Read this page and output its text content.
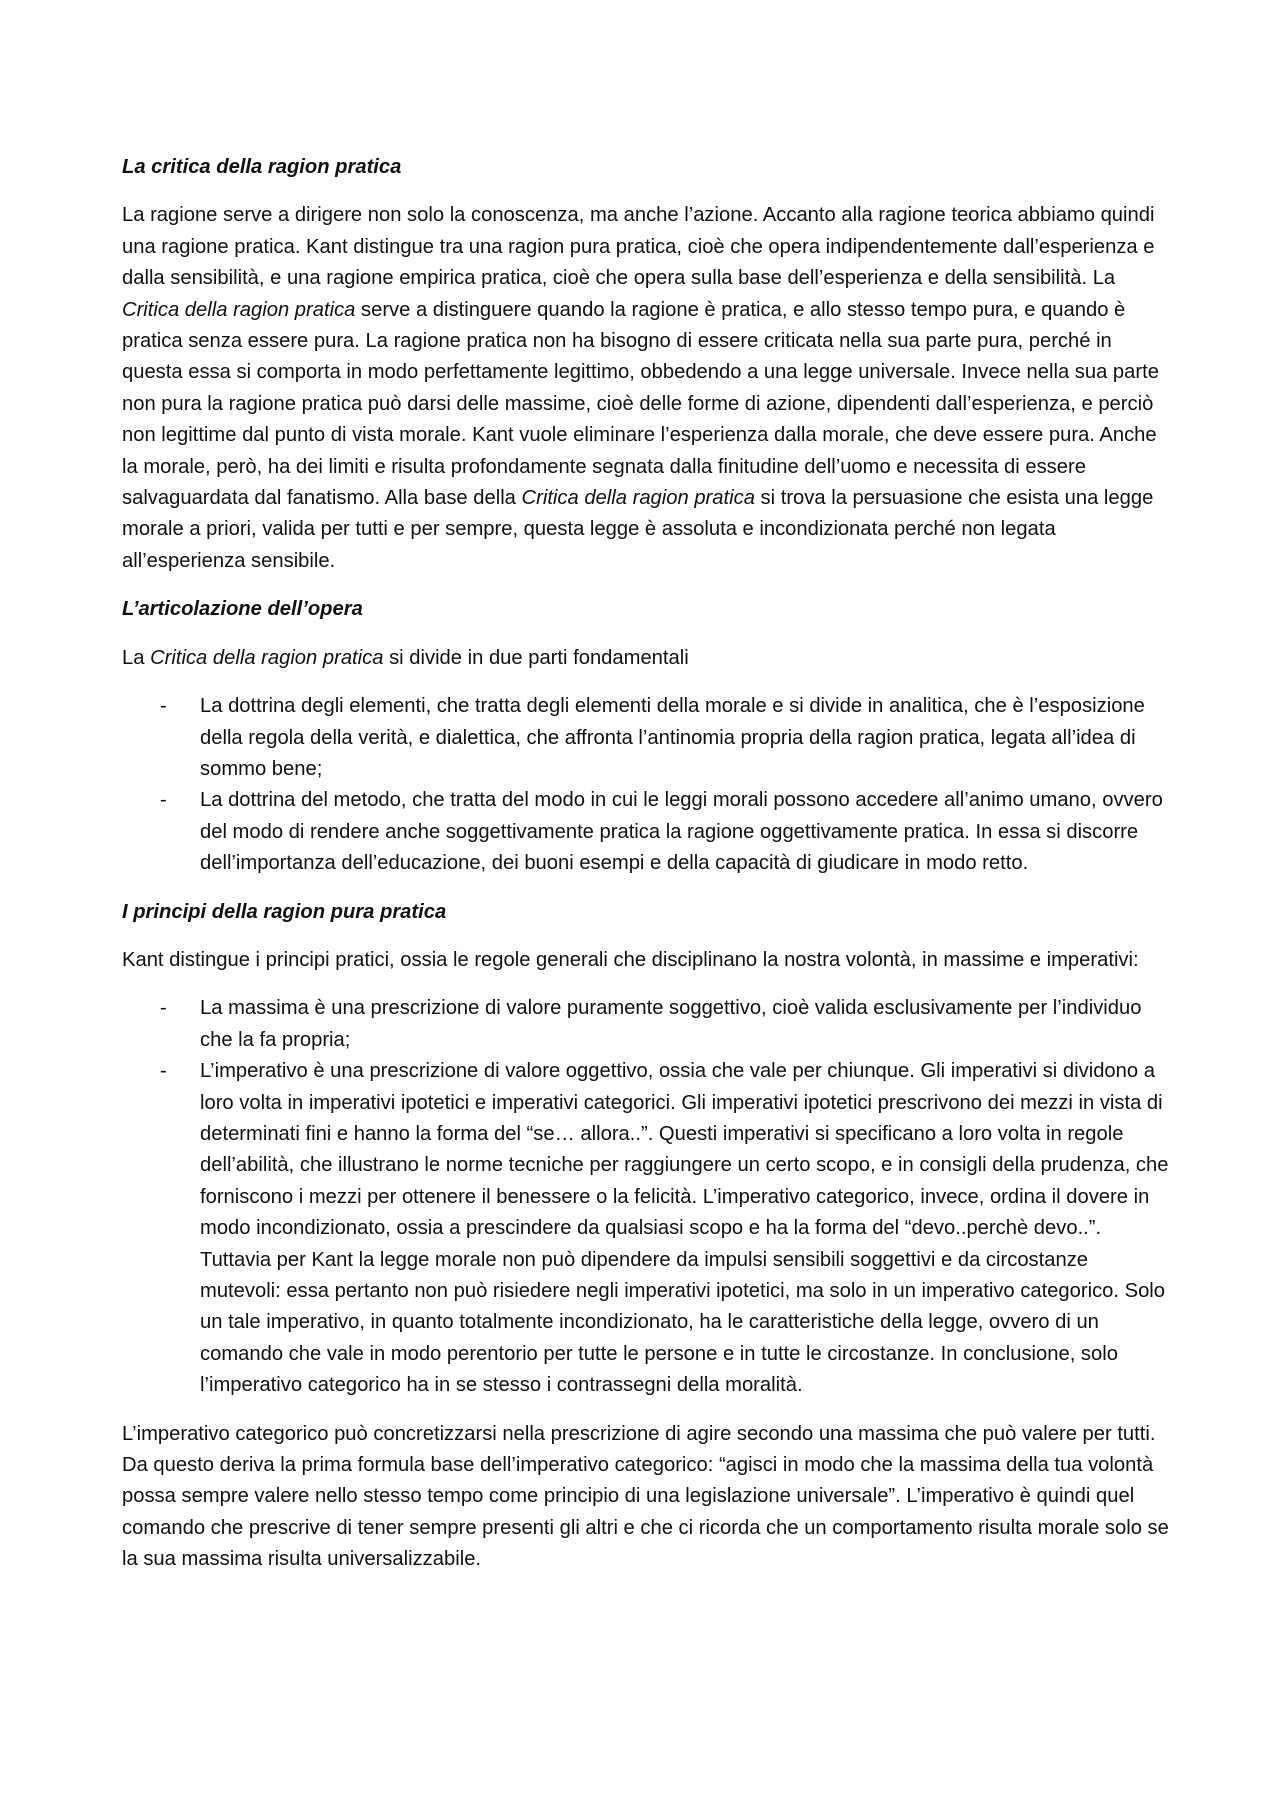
La critica della ragion pratica

La ragione serve a dirigere non solo la conoscenza, ma anche l’azione. Accanto alla ragione teorica abbiamo quindi una ragione pratica. Kant distingue tra una ragion pura pratica, cioè che opera indipendentemente dall’esperienza e dalla sensibilità, e una ragione empirica pratica, cioè che opera sulla base dell’esperienza e della sensibilità. La Critica della ragion pratica serve a distinguere quando la ragione è pratica, e allo stesso tempo pura, e quando è pratica senza essere pura. La ragione pratica non ha bisogno di essere criticata nella sua parte pura, perché in questa essa si comporta in modo perfettamente legittimo, obbedendo a una legge universale. Invece nella sua parte non pura la ragione pratica può darsi delle massime, cioè delle forme di azione, dipendenti dall’esperienza, e perciò non legittime dal punto di vista morale. Kant vuole eliminare l’esperienza dalla morale, che deve essere pura. Anche la morale, però, ha dei limiti e risulta profondamente segnata dalla finitudine dell’uomo e necessita di essere salvaguardata dal fanatismo. Alla base della Critica della ragion pratica si trova la persuasione che esista una legge morale a priori, valida per tutti e per sempre, questa legge è assoluta e incondizionata perché non legata all’esperienza sensibile.

L’articolazione dell’opera

La Critica della ragion pratica si divide in due parti fondamentali

- La dottrina degli elementi, che tratta degli elementi della morale e si divide in analitica, che è l’esposizione della regola della verità, e dialettica, che affronta l’antinomia propria della ragion pratica, legata all’idea di sommo bene;
- La dottrina del metodo, che tratta del modo in cui le leggi morali possono accedere all’animo umano, ovvero del modo di rendere anche soggettivamente pratica la ragione oggettivamente pratica. In essa si discorre dell’importanza dell’educazione, dei buoni esempi e della capacità di giudicare in modo retto.
I principi della ragion pura pratica

Kant distingue i principi pratici, ossia le regole generali che disciplinano la nostra volontà, in massime e imperativi:

- La massima è una prescrizione di valore puramente soggettivo, cioè valida esclusivamente per l’individuo che la fa propria;
- L’imperativo è una prescrizione di valore oggettivo, ossia che vale per chiunque. Gli imperativi si dividono a loro volta in imperativi ipotetici e imperativi categorici. Gli imperativi ipotetici prescrivono dei mezzi in vista di determinati fini e hanno la forma del “se… allora..”. Questi imperativi si specificano a loro volta in regole dell’abilità, che illustrano le norme tecniche per raggiungere un certo scopo, e in consigli della prudenza, che forniscono i mezzi per ottenere il benessere o la felicità. L’imperativo categorico, invece, ordina il dovere in modo incondizionato, ossia a prescindere da qualsiasi scopo e ha la forma del “devo..perchè devo..”. Tuttavia per Kant la legge morale non può dipendere da impulsi sensibili soggettivi e da circostanze mutevoli: essa pertanto non può risiedere negli imperativi ipotetici, ma solo in un imperativo categorico. Solo un tale imperativo, in quanto totalmente incondizionato, ha le caratteristiche della legge, ovvero di un comando che vale in modo perentorio per tutte le persone e in tutte le circostanze. In conclusione, solo l’imperativo categorico ha in se stesso i contrassegni della moralità.

L’imperativo categorico può concretizzarsi nella prescrizione di agire secondo una massima che può valere per tutti. Da questo deriva la prima formula base dell’imperativo categorico: “agisci in modo che la massima della tua volontà possa sempre valere nello stesso tempo come principio di una legislazione universale”. L’imperativo è quindi quel comando che prescrive di tener sempre presenti gli altri e che ci ricorda che un comportamento risulta morale solo se la sua massima risulta universalizzabile.
